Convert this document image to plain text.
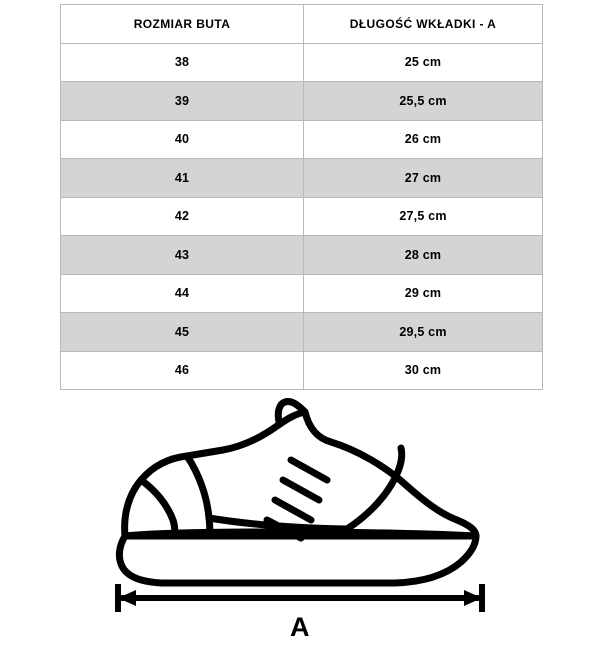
ROZMIAR BUTA	DŁUGOŚĆ WKŁADKI - A
38	25 cm
39	25,5 cm
40	26 cm
41	27 cm
42	27,5 cm
43	28 cm
44	29 cm
45	29,5 cm
46	30 cm
A
